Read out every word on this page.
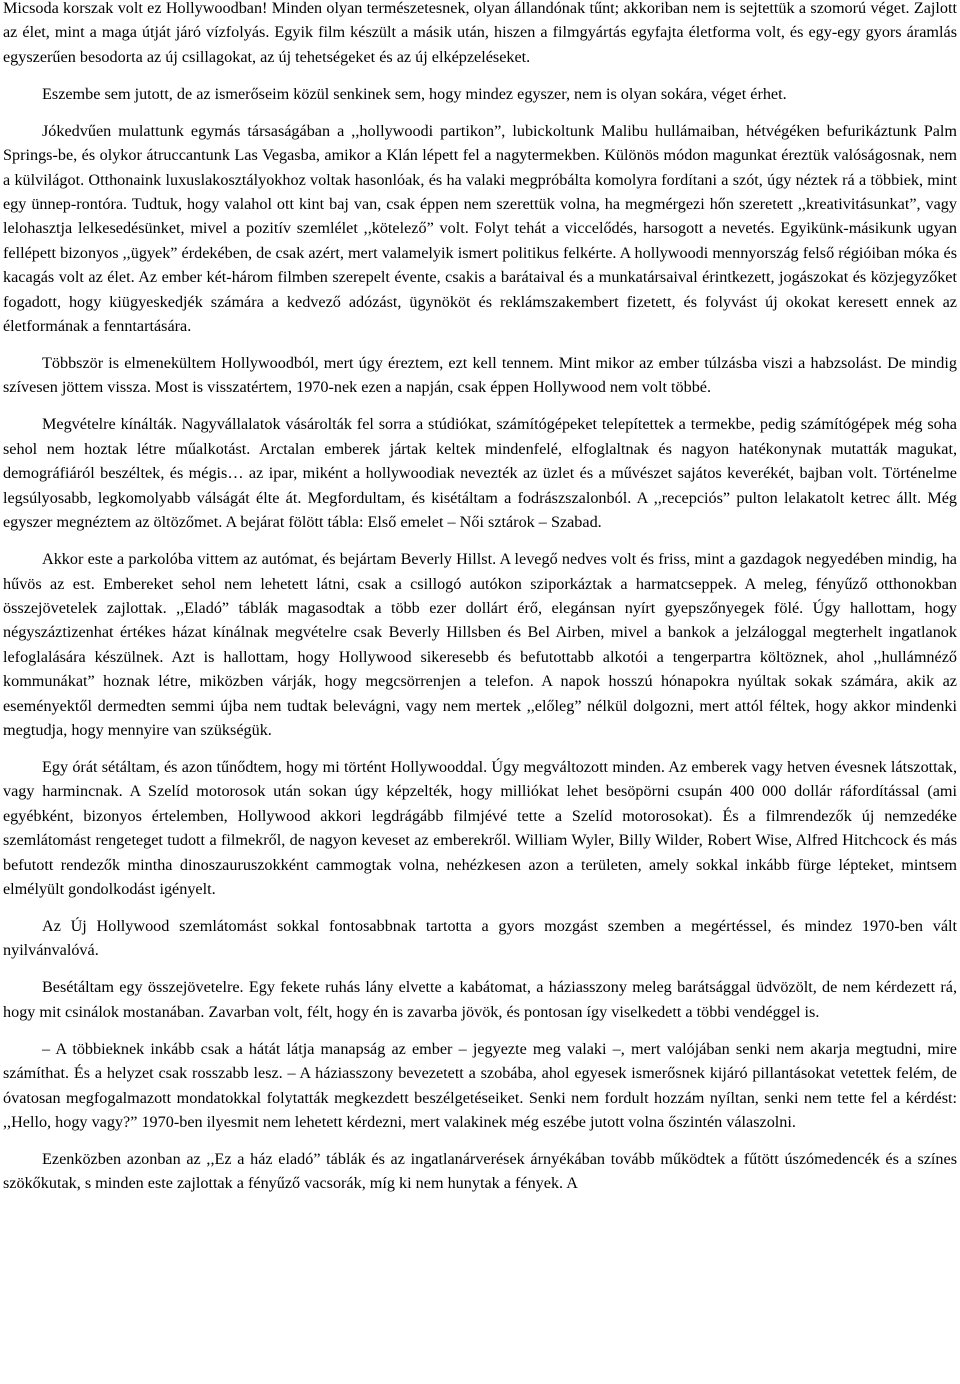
Micsoda korszak volt ez Hollywoodban! Minden olyan természetesnek, olyan állandónak tűnt; akkoriban nem is sejtettük a szomorú véget. Zajlott az élet, mint a maga útját járó vízfolyás. Egyik film készült a másik után, hiszen a filmgyártás egyfajta életforma volt, és egy-egy gyors áramlás egyszerűen besodorta az új csillagokat, az új tehetségeket és az új elképzeléseket.

Eszembe sem jutott, de az ismerőseim közül senkinek sem, hogy mindez egyszer, nem is olyan sokára, véget érhet.

Jókedvűen mulattunk egymás társaságában a ,,hollywoodi partikon”, lubickoltunk Malibu hullámaiban, hétvégéken befurikáztunk Palm Springs-be, és olykor átruccantunk Las Vegasba, amikor a Klán lépett fel a nagytermekben. Különös módon magunkat éreztük valóságosnak, nem a külvilágot. Otthonaink luxuslakosztályokhoz voltak hasonlóak, és ha valaki megpróbálta komolyra fordítani a szót, úgy néztek rá a többiek, mint egy ünnep-rontóra. Tudtuk, hogy valahol ott kint baj van, csak éppen nem szerettük volna, ha megmérgezi hőn szeretett ,,kreativitásunkat”, vagy lelohasztja lelkesedésünket, mivel a pozitív szemlélet ,,kötelező” volt. Folyt tehát a viccelődés, harsogott a nevetés. Egyikünk-másikunk ugyan fellépett bizonyos ,,ügyek” érdekében, de csak azért, mert valamelyik ismert politikus felkérte. A hollywoodi mennyország felső régióiban móka és kacagás volt az élet. Az ember két-három filmben szerepelt évente, csakis a barátaival és a munkatársaival érintkezett, jogászokat és közjegyzőket fogadott, hogy kiügyeskedjék számára a kedvező adózást, ügynököt és reklámszakembert fizetett, és folyvást új okokat keresett ennek az életformának a fenntartására.

Többször is elmenekültem Hollywoodból, mert úgy éreztem, ezt kell tennem. Mint mikor az ember túlzásba viszi a habzsolást. De mindig szívesen jöttem vissza. Most is visszatértem, 1970-nek ezen a napján, csak éppen Hollywood nem volt többé.

Megvételre kínálták. Nagyvállalatok vásárolták fel sorra a stúdiókat, számítógépeket telepítettek a termekbe, pedig számítógépek még soha sehol nem hoztak létre műalkotást. Arctalan emberek jártak keltek mindenfelé, elfoglaltnak és nagyon hatékonynak mutatták magukat, demográfiáról beszéltek, és mégis… az ipar, miként a hollywoodiak nevezték az üzlet és a művészet sajátos keverékét, bajban volt. Történelme legsúlyosabb, legkomolyabb válságát élte át. Megfordultam, és kisétáltam a fodrászszalonból. A ,,recepciós” pulton lelakatolt ketrec állt. Még egyszer megnéztem az öltözőmet. A bejárat fölött tábla: Első emelet – Női sztárok – Szabad.

Akkor este a parkolóba vittem az autómat, és bejártam Beverly Hillst. A levegő nedves volt és friss, mint a gazdagok negyedében mindig, ha hűvös az est. Embereket sehol nem lehetett látni, csak a csillogó autókon sziporkáztak a harmatcseppek. A meleg, fényűző otthonokban összejövetelek zajlottak. ,,Eladó” táblák magasodtak a több ezer dollárt érő, elegánsan nyírt gyepszőnyegek fölé. Úgy hallottam, hogy négyszáztizenhat értékes házat kínálnak megvételre csak Beverly Hillsben és Bel Airben, mivel a bankok a jelzáloggal megterhelt ingatlanok lefoglalására készülnek. Azt is hallottam, hogy Hollywood sikeresebb és befutottabb alkotói a tengerpartra költöznek, ahol ,,hullámnéző kommunákat” hoznak létre, miközben várják, hogy megcsörrenjen a telefon. A napok hosszú hónapokra nyúltak sokak számára, akik az eseményektől dermedten semmi újba nem tudtak belevágni, vagy nem mertek ,,előleg” nélkül dolgozni, mert attól féltek, hogy akkor mindenki megtudja, hogy mennyire van szükségük.

Egy órát sétáltam, és azon tűnődtem, hogy mi történt Hollywooddal. Úgy megváltozott minden. Az emberek vagy hetven évesnek látszottak, vagy harmincnak. A Szelíd motorosok után sokan úgy képzelték, hogy milliókat lehet besöpörni csupán 400 000 dollár ráfordítással (ami egyébként, bizonyos értelemben, Hollywood akkori legdrágább filmjévé tette a Szelíd motorosokat). És a filmrendezők új nemzedéke szemlátomást rengeteget tudott a filmekről, de nagyon keveset az emberekről. William Wyler, Billy Wilder, Robert Wise, Alfred Hitchcock és más befutott rendezők mintha dinoszauruszokként cammogtak volna, nehézkesen azon a területen, amely sokkal inkább fürge lépteket, mintsem elmélyült gondolkodást igényelt.

Az Új Hollywood szemlátomást sokkal fontosabbnak tartotta a gyors mozgást szemben a megértéssel, és mindez 1970-ben vált nyilvánvalóvá.

Besétáltam egy összejövetelre. Egy fekete ruhás lány elvette a kabátomat, a háziasszony meleg barátsággal üdvözölt, de nem kérdezett rá, hogy mit csinálok mostanában. Zavarban volt, félt, hogy én is zavarba jövök, és pontosan így viselkedett a többi vendéggel is.

– A többieknek inkább csak a hátát látja manapság az ember – jegyezte meg valaki –, mert valójában senki nem akarja megtudni, mire számíthat. És a helyzet csak rosszabb lesz. – A háziasszony bevezetett a szobába, ahol egyesek ismerősnek kijáró pillantásokat vetettek felém, de óvatosan megfogalmazott mondatokkal folytatták megkezdett beszélgetéseiket. Senki nem fordult hozzám nyíltan, senki nem tette fel a kérdést: ,,Hello, hogy vagy?” 1970-ben ilyesmit nem lehetett kérdezni, mert valakinek még eszébe jutott volna őszintén válaszolni.

Ezenközben azonban az ,,Ez a ház eladó” táblák és az ingatlanárverések árnyékában tovább működtek a fűtött úszómedencék és a színes szökőkutak, s minden este zajlottak a fényűző vacsorák, míg ki nem hunytak a fények. A
